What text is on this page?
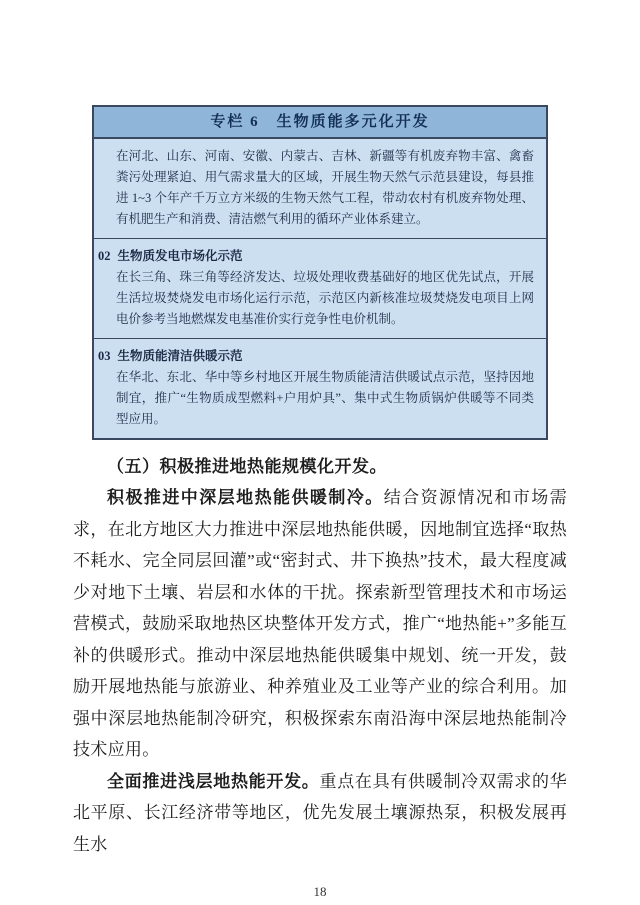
专栏 6　生物质能多元化开发

在河北、山东、河南、安徽、内蒙古、吉林、新疆等有机废弃物丰富、禽畜粪污处理紧迫、用气需求量大的区域，开展生物天然气示范县建设，每县推进 1~3 个年产千万立方米级的生物天然气工程，带动农村有机废弃物处理、有机肥生产和消费、清洁燃气利用的循环产业体系建立。

02 生物质发电市场化示范

在长三角、珠三角等经济发达、垃圾处理收费基础好的地区优先试点，开展生活垃圾焚烧发电市场化运行示范，示范区内新核准垃圾焚烧发电项目上网电价参考当地燃煤发电基准价实行竞争性电价机制。

03 生物质能清洁供暖示范

在华北、东北、华中等乡村地区开展生物质能清洁供暖试点示范，坚持因地制宜，推广“生物质成型燃料+户用炉具”、集中式生物质锅炉供暖等不同类型应用。

（五）积极推进地热能规模化开发。

积极推进中深层地热能供暖制冷。结合资源情况和市场需求，在北方地区大力推进中深层地热能供暖，因地制宜选择“取热不耗水、完全同层回灌”或“密封式、井下换热”技术，最大程度减少对地下土壤、岩层和水体的干扰。探索新型管理技术和市场运营模式，鼓励采取地热区块整体开发方式，推广“地热能+”多能互补的供暖形式。推动中深层地热能供暖集中规划、统一开发，鼓励开展地热能与旅游业、种养殖业及工业等产业的综合利用。加强中深层地热能制冷研究，积极探索东南沿海中深层地热能制冷技术应用。

全面推进浅层地热能开发。重点在具有供暖制冷双需求的华北平原、长江经济带等地区，优先发展土壤源热泵，积极发展再生水

18
